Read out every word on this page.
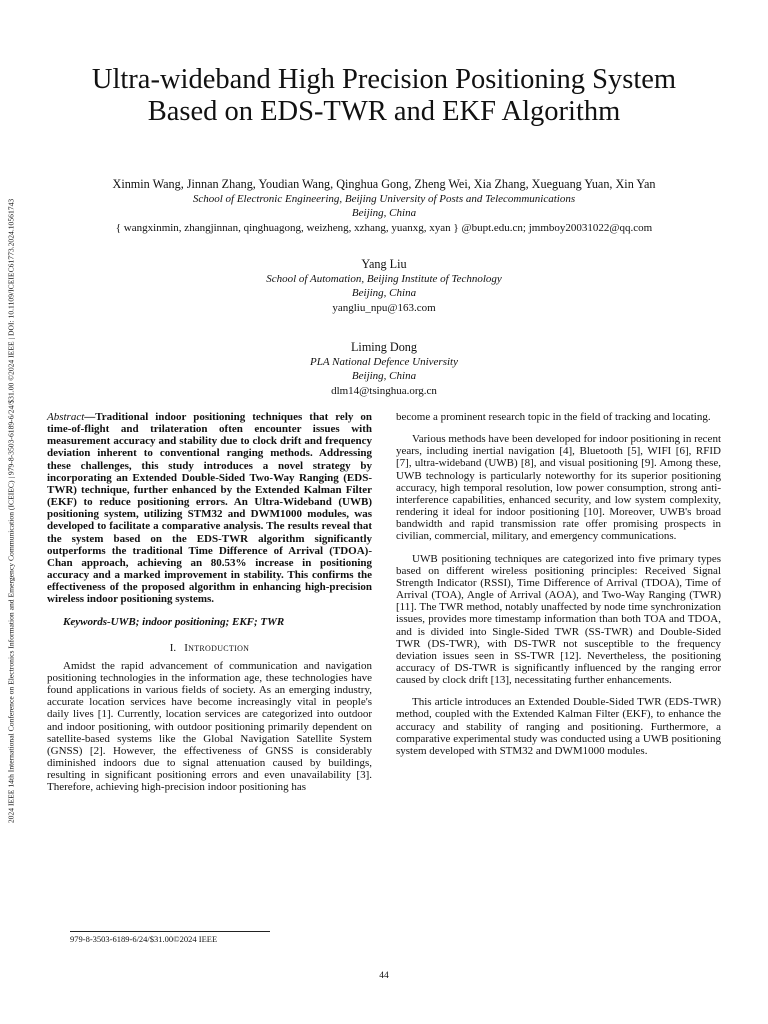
2024 IEEE 14th International Conference on Electronics Information and Emergency Communication (ICEIEC) | 979-8-3503-6189-6/24/$31.00 ©2024 IEEE | DOI: 10.1109/ICEIEC61773.2024.10561743
Ultra-wideband High Precision Positioning System
Based on EDS-TWR and EKF Algorithm
Xinmin Wang, Jinnan Zhang, Youdian Wang, Qinghua Gong, Zheng Wei, Xia Zhang, Xueguang Yuan, Xin Yan
School of Electronic Engineering, Beijing University of Posts and Telecommunications
Beijing, China
{ wangxinmin, zhangjinnan, qinghuagong, weizheng, xzhang, yuanxg, xyan } @bupt.edu.cn; jmmboy20031022@qq.com
Yang Liu
School of Automation, Beijing Institute of Technology
Beijing, China
yangliu_npu@163.com
Liming Dong
PLA National Defence University
Beijing, China
dlm14@tsinghua.org.cn

Abstract—Traditional indoor positioning techniques that rely on time-of-flight and trilateration often encounter issues with measurement accuracy and stability due to clock drift and frequency deviation inherent to conventional ranging methods. Addressing these challenges, this study introduces a novel strategy by incorporating an Extended Double-Sided Two-Way Ranging (EDS-TWR) technique, further enhanced by the Extended Kalman Filter (EKF) to reduce positioning errors. An Ultra-Wideband (UWB) positioning system, utilizing STM32 and DWM1000 modules, was developed to facilitate a comparative analysis. The results reveal that the system based on the EDS-TWR algorithm significantly outperforms the traditional Time Difference of Arrival (TDOA)-Chan approach, achieving an 80.53% increase in positioning accuracy and a marked improvement in stability. This confirms the effectiveness of the proposed algorithm in enhancing high-precision wireless indoor positioning systems.

Keywords-UWB; indoor positioning; EKF; TWR

I. Introduction

Amidst the rapid advancement of communication and navigation positioning technologies in the information age, these technologies have found applications in various fields of society. As an emerging industry, accurate location services have become increasingly vital in people's daily lives [1]. Currently, location services are categorized into outdoor and indoor positioning, with outdoor positioning primarily dependent on satellite-based systems like the Global Navigation Satellite System (GNSS) [2]. However, the effectiveness of GNSS is considerably diminished indoors due to signal attenuation caused by buildings, resulting in significant positioning errors and even unavailability [3]. Therefore, achieving high-precision indoor positioning has

become a prominent research topic in the field of tracking and locating.

Various methods have been developed for indoor positioning in recent years, including inertial navigation [4], Bluetooth [5], WIFI [6], RFID [7], ultra-wideband (UWB) [8], and visual positioning [9]. Among these, UWB technology is particularly noteworthy for its superior positioning accuracy, high temporal resolution, low power consumption, strong anti-interference capabilities, enhanced security, and low system complexity, rendering it ideal for indoor positioning [10]. Moreover, UWB's broad bandwidth and rapid transmission rate offer promising prospects in civilian, commercial, military, and emergency communications.

UWB positioning techniques are categorized into five primary types based on different wireless positioning principles: Received Signal Strength Indicator (RSSI), Time Difference of Arrival (TDOA), Time of Arrival (TOA), Angle of Arrival (AOA), and Two-Way Ranging (TWR) [11]. The TWR method, notably unaffected by node time synchronization issues, provides more timestamp information than both TOA and TDOA, and is divided into Single-Sided TWR (SS-TWR) and Double-Sided TWR (DS-TWR), with DS-TWR not susceptible to the frequency deviation issues seen in SS-TWR [12]. Nevertheless, the positioning accuracy of DS-TWR is significantly influenced by the ranging error caused by clock drift [13], necessitating further enhancements.

This article introduces an Extended Double-Sided TWR (EDS-TWR) method, coupled with the Extended Kalman Filter (EKF), to enhance the accuracy and stability of ranging and positioning. Furthermore, a comparative experimental study was conducted using a UWB positioning system developed with STM32 and DWM1000 modules.

979-8-3503-6189-6/24/$31.00©2024 IEEE
44
